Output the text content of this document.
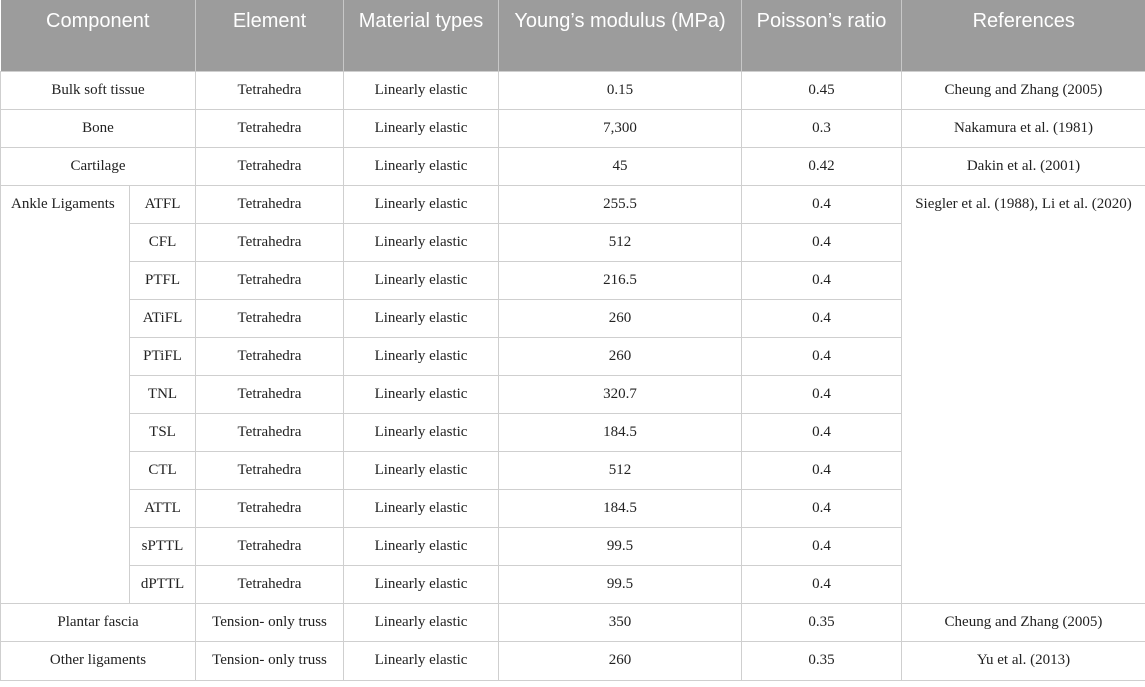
Component		Element	Material types	Young’s modulus (MPa)	Poisson’s ratio	References
Bulk soft tissue		Tetrahedra	Linearly elastic	0.15	0.45	Cheung and Zhang (2005)
Bone		Tetrahedra	Linearly elastic	7,300	0.3	Nakamura et al. (1981)
Cartilage		Tetrahedra	Linearly elastic	45	0.42	Dakin et al. (2001)
Ankle Ligaments	ATFL	Tetrahedra	Linearly elastic	255.5	0.4	Siegler et al. (1988), Li et al. (2020)
	CFL	Tetrahedra	Linearly elastic	512	0.4	
	PTFL	Tetrahedra	Linearly elastic	216.5	0.4	
	ATiFL	Tetrahedra	Linearly elastic	260	0.4	
	PTiFL	Tetrahedra	Linearly elastic	260	0.4	
	TNL	Tetrahedra	Linearly elastic	320.7	0.4	
	TSL	Tetrahedra	Linearly elastic	184.5	0.4	
	CTL	Tetrahedra	Linearly elastic	512	0.4	
	ATTL	Tetrahedra	Linearly elastic	184.5	0.4	
	sPTTL	Tetrahedra	Linearly elastic	99.5	0.4	
	dPTTL	Tetrahedra	Linearly elastic	99.5	0.4	
Plantar fascia		Tension- only truss	Linearly elastic	350	0.35	Cheung and Zhang (2005)
Other ligaments		Tension- only truss	Linearly elastic	260	0.35	Yu et al. (2013)
